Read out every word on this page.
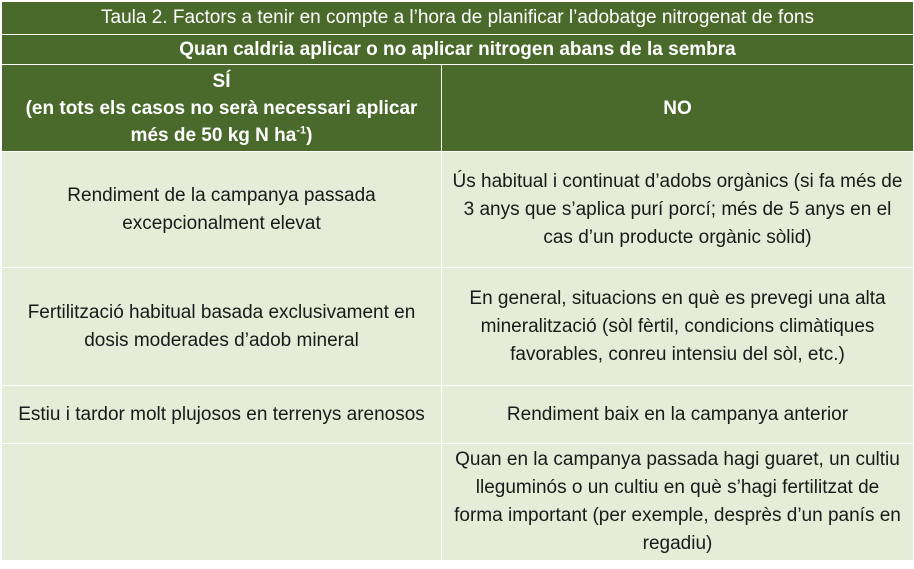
Taula 2. Factors a tenir en compte a l’hora de planificar l’adobatge nitrogenat de fons	
Quan caldria aplicar o no aplicar nitrogen abans de la sembra	
SÍ
(en tots els casos no serà necessari aplicar més de 50 kg N $ha^{-1}$)	NO
Rendiment de la campanya passada excepcionalment elevat	Ús habitual i continuat d’adobs orgànics (si fa més de 3 anys que s’aplica purí porcí; més de 5 anys en el cas d’un producte orgànic sòlid)
Fertilització habitual basada exclusivament en dosis moderades d’adob mineral	En general, situacions en què es prevegi una alta mineralització (sòl fèrtil, condicions climàtiques favorables, conreu intensiu del sòl, etc.)
Estiu i tardor molt plujosos en terrenys arenosos	Rendiment baix en la campanya anterior
	Quan en la campanya passada hagi guaret, un cultiu lleguminós o un cultiu en què s’hagi fertilitzat de forma important (per exemple, desprès d’un panís en regadiu)
